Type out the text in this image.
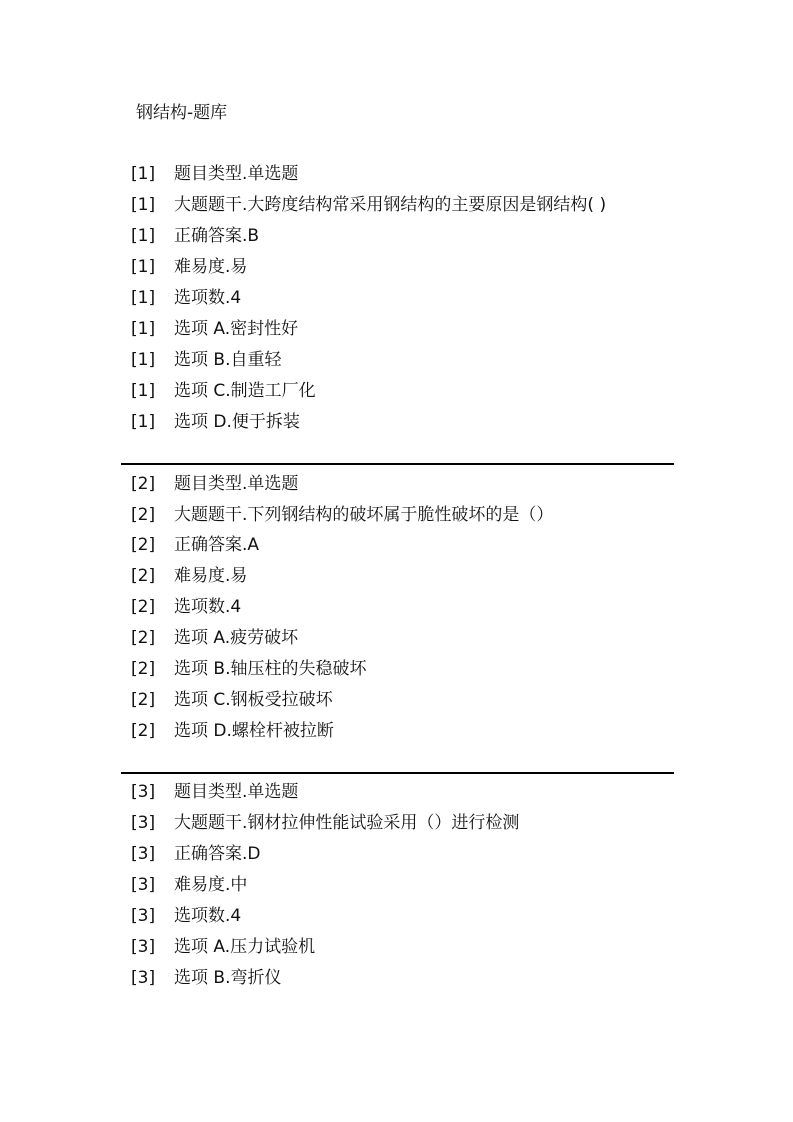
钢结构-题库
[1] 题目类型.单选题
[1] 大题题干.大跨度结构常采用钢结构的主要原因是钢结构( )
[1] 正确答案.B
[1] 难易度.易
[1] 选项数.4
[1] 选项 A.密封性好
[1] 选项 B.自重轻
[1] 选项 C.制造工厂化
[1] 选项 D.便于拆装
[2] 题目类型.单选题
[2] 大题题干.下列钢结构的破坏属于脆性破坏的是（）
[2] 正确答案.A
[2] 难易度.易
[2] 选项数.4
[2] 选项 A.疲劳破坏
[2] 选项 B.轴压柱的失稳破坏
[2] 选项 C.钢板受拉破坏
[2] 选项 D.螺栓杆被拉断
[3] 题目类型.单选题
[3] 大题题干.钢材拉伸性能试验采用（）进行检测
[3] 正确答案.D
[3] 难易度.中
[3] 选项数.4
[3] 选项 A.压力试验机
[3] 选项 B.弯折仪
